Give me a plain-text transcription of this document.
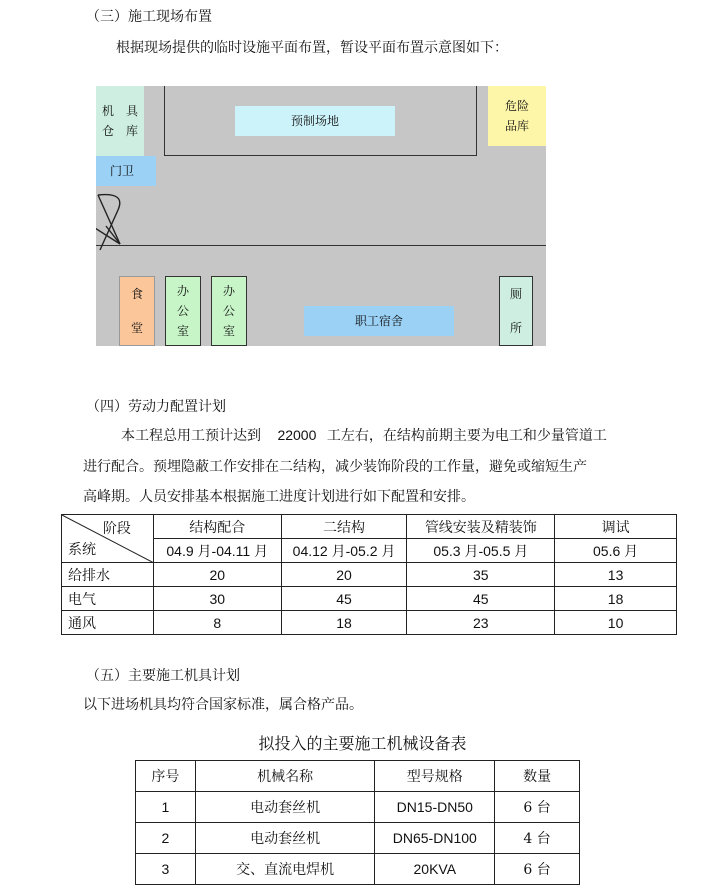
（三）施工现场布置
根据现场提供的临时设施平面布置，暂设平面布置示意图如下：
机　具
仓　库
预制场地
危险
品库
门卫
食
堂
办
公
室
办
公
室
职工宿舍
厕
所
（四）劳动力配置计划
本工程总用工预计达到 22000 工左右，在结构前期主要为电工和少量管道工
进行配合。预埋隐蔽工作安排在二结构，减少装饰阶段的工作量，避免或缩短生产
高峰期。人员安排基本根据施工进度计划进行如下配置和安排。
阶段
系统	结构配合	二结构	管线安装及精装饰	调试
	04.9 月-04.11 月	04.12 月-05.2 月	05.3 月-05.5 月	05.6 月
给排水	20	20	35	13
电气	30	45	45	18
通风	8	18	23	10
（五）主要施工机具计划
以下进场机具均符合国家标准，属合格产品。
拟投入的主要施工机械设备表
序号	机械名称	型号规格	数量
1	电动套丝机	DN15-DN50	6 台
2	电动套丝机	DN65-DN100	4 台
3	交、直流电焊机	20KVA	6 台
